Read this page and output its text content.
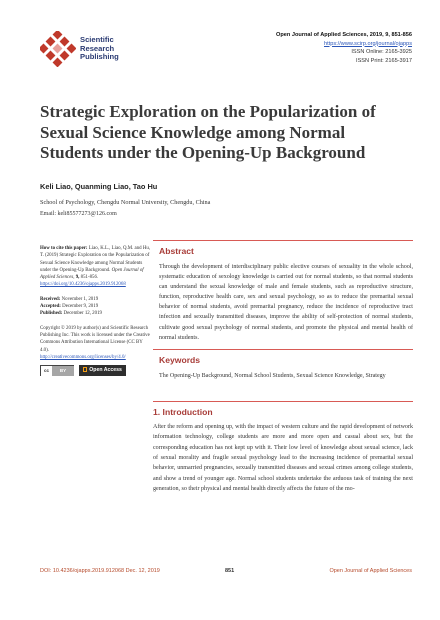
Scientific
Research
Publishing
Open Journal of Applied Sciences, 2019, 9, 851-856
https://www.scirp.org/journal/ojapps
ISSN Online: 2165-3925
ISSN Print: 2165-3917
Strategic Exploration on the Popularization of Sexual Science Knowledge among Normal Students under the Opening-Up Background
Keli Liao, Quanming Liao, Tao Hu
School of Psychology, Chengdu Normal University, Chengdu, China
Email: keli85577273@126.com
How to cite this paper: Liao, K.L., Liao, Q.M. and Hu, T. (2019) Strategic Exploration on the Popularization of Sexual Science Knowledge among Normal Students under the Opening-Up Background. Open Journal of Applied Sciences, 9, 851-856.
https://doi.org/10.4236/ojapps.2019.912068
Received: November 1, 2019
Accepted: December 9, 2019
Published: December 12, 2019
Copyright © 2019 by author(s) and Scientific Research Publishing Inc. This work is licensed under the Creative Commons Attribution International License (CC BY 4.0).
http://creativecommons.org/licenses/by/4.0/
cc	BY	Open Access
Abstract
Through the development of interdisciplinary public elective courses of sexuality in the whole school, systematic education of sexology knowledge is carried out for normal students, so that normal students can understand the sexual knowledge of male and female students, such as reproductive structure, function, reproductive health care, sex and sexual psychology, so as to reduce the premarital sexual behavior of normal students, avoid premarital pregnancy, reduce the incidence of reproductive tract infection and sexually transmitted diseases, improve the ability of self-protection of normal students, cultivate good sexual psychology of normal students, and promote the physical and mental health of normal students.
Keywords
The Opening-Up Background, Normal School Students, Sexual Science Knowledge, Strategy
1. Introduction
After the reform and opening up, with the impact of western culture and the rapid development of network information technology, college students are more and more open and casual about sex, but the corresponding education has not kept up with it. Their low level of knowledge about sexual science, lack of sexual morality and fragile sexual psychology lead to the increasing incidence of premarital sexual behavior, unmarried pregnancies, sexually transmitted diseases and sexual crimes among college students, and show a trend of younger age. Normal school students undertake the arduous task of training the next generation, so their physical and mental health directly affects the future of the mo-
DOI: 10.4236/ojapps.2019.912068 Dec. 12, 2019	851	Open Journal of Applied Sciences
